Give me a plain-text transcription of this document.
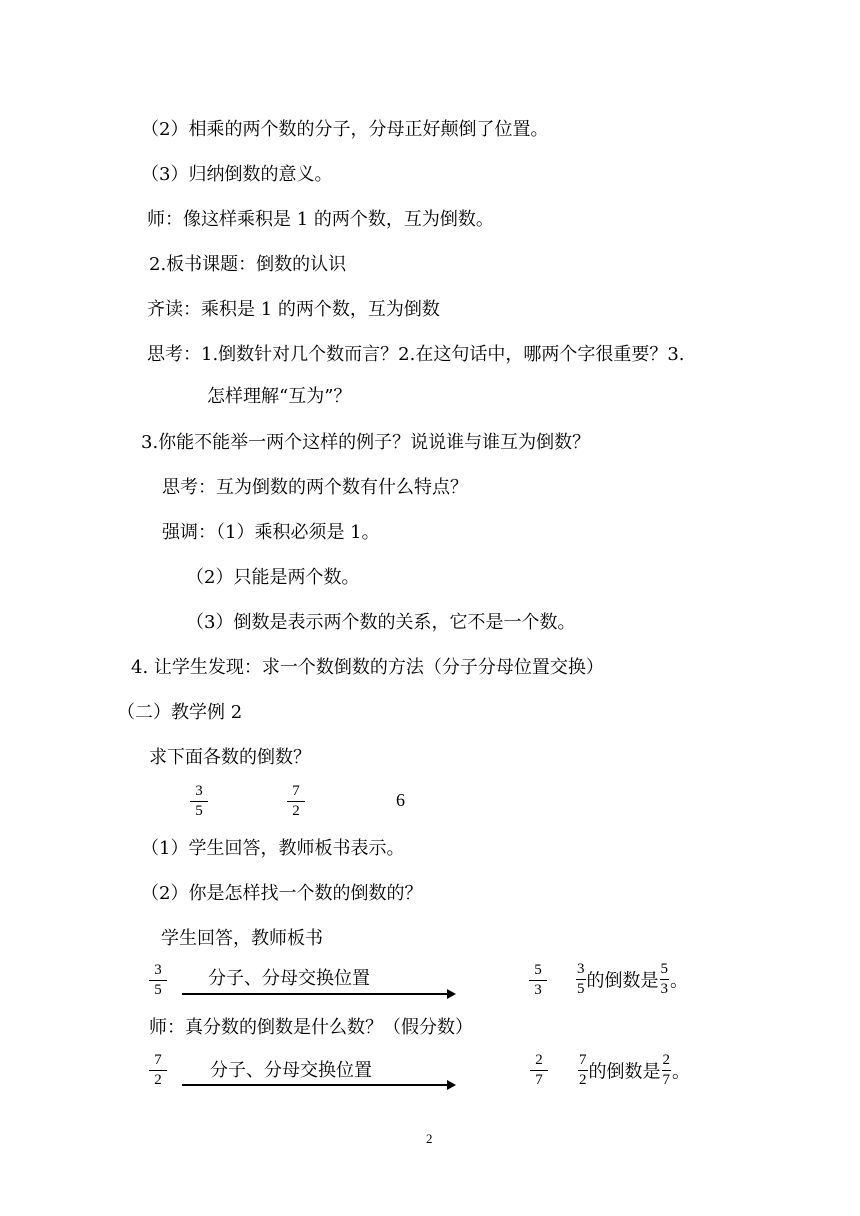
（2）相乘的两个数的分子，分母正好颠倒了位置。
（3）归纳倒数的意义。
师：像这样乘积是 1 的两个数，互为倒数。
2.板书课题：倒数的认识
齐读：乘积是 1 的两个数，互为倒数
思考：1.倒数针对几个数而言？2.在这句话中，哪两个字很重要？3.
怎样理解“互为”？
3.你能不能举一两个这样的例子？说说谁与谁互为倒数？
思考：互为倒数的两个数有什么特点？
强调：（1）乘积必须是 1。
（2）只能是两个数。
（3）倒数是表示两个数的关系，它不是一个数。
4. 让学生发现：求一个数倒数的方法（分子分母位置交换）
（二）教学例 2
求下面各数的倒数？
$\frac{3}{5}$	$\frac{7}{2}$	6
（1）学生回答，教师板书表示。
（2）你是怎样找一个数的倒数的？
学生回答，教师板书
$\frac{3}{5}$ 分子、分母交换位置	$\frac{5}{3} \frac{3}{5}$ 的倒数是 $\frac{5}{3}$ 。
师：真分数的倒数是什么数？（假分数）
$\frac{7}{2}$ 分子、分母交换位置	$\frac{2}{7} \frac{7}{2}$ 的倒数是 $\frac{2}{7}$ 。
2
